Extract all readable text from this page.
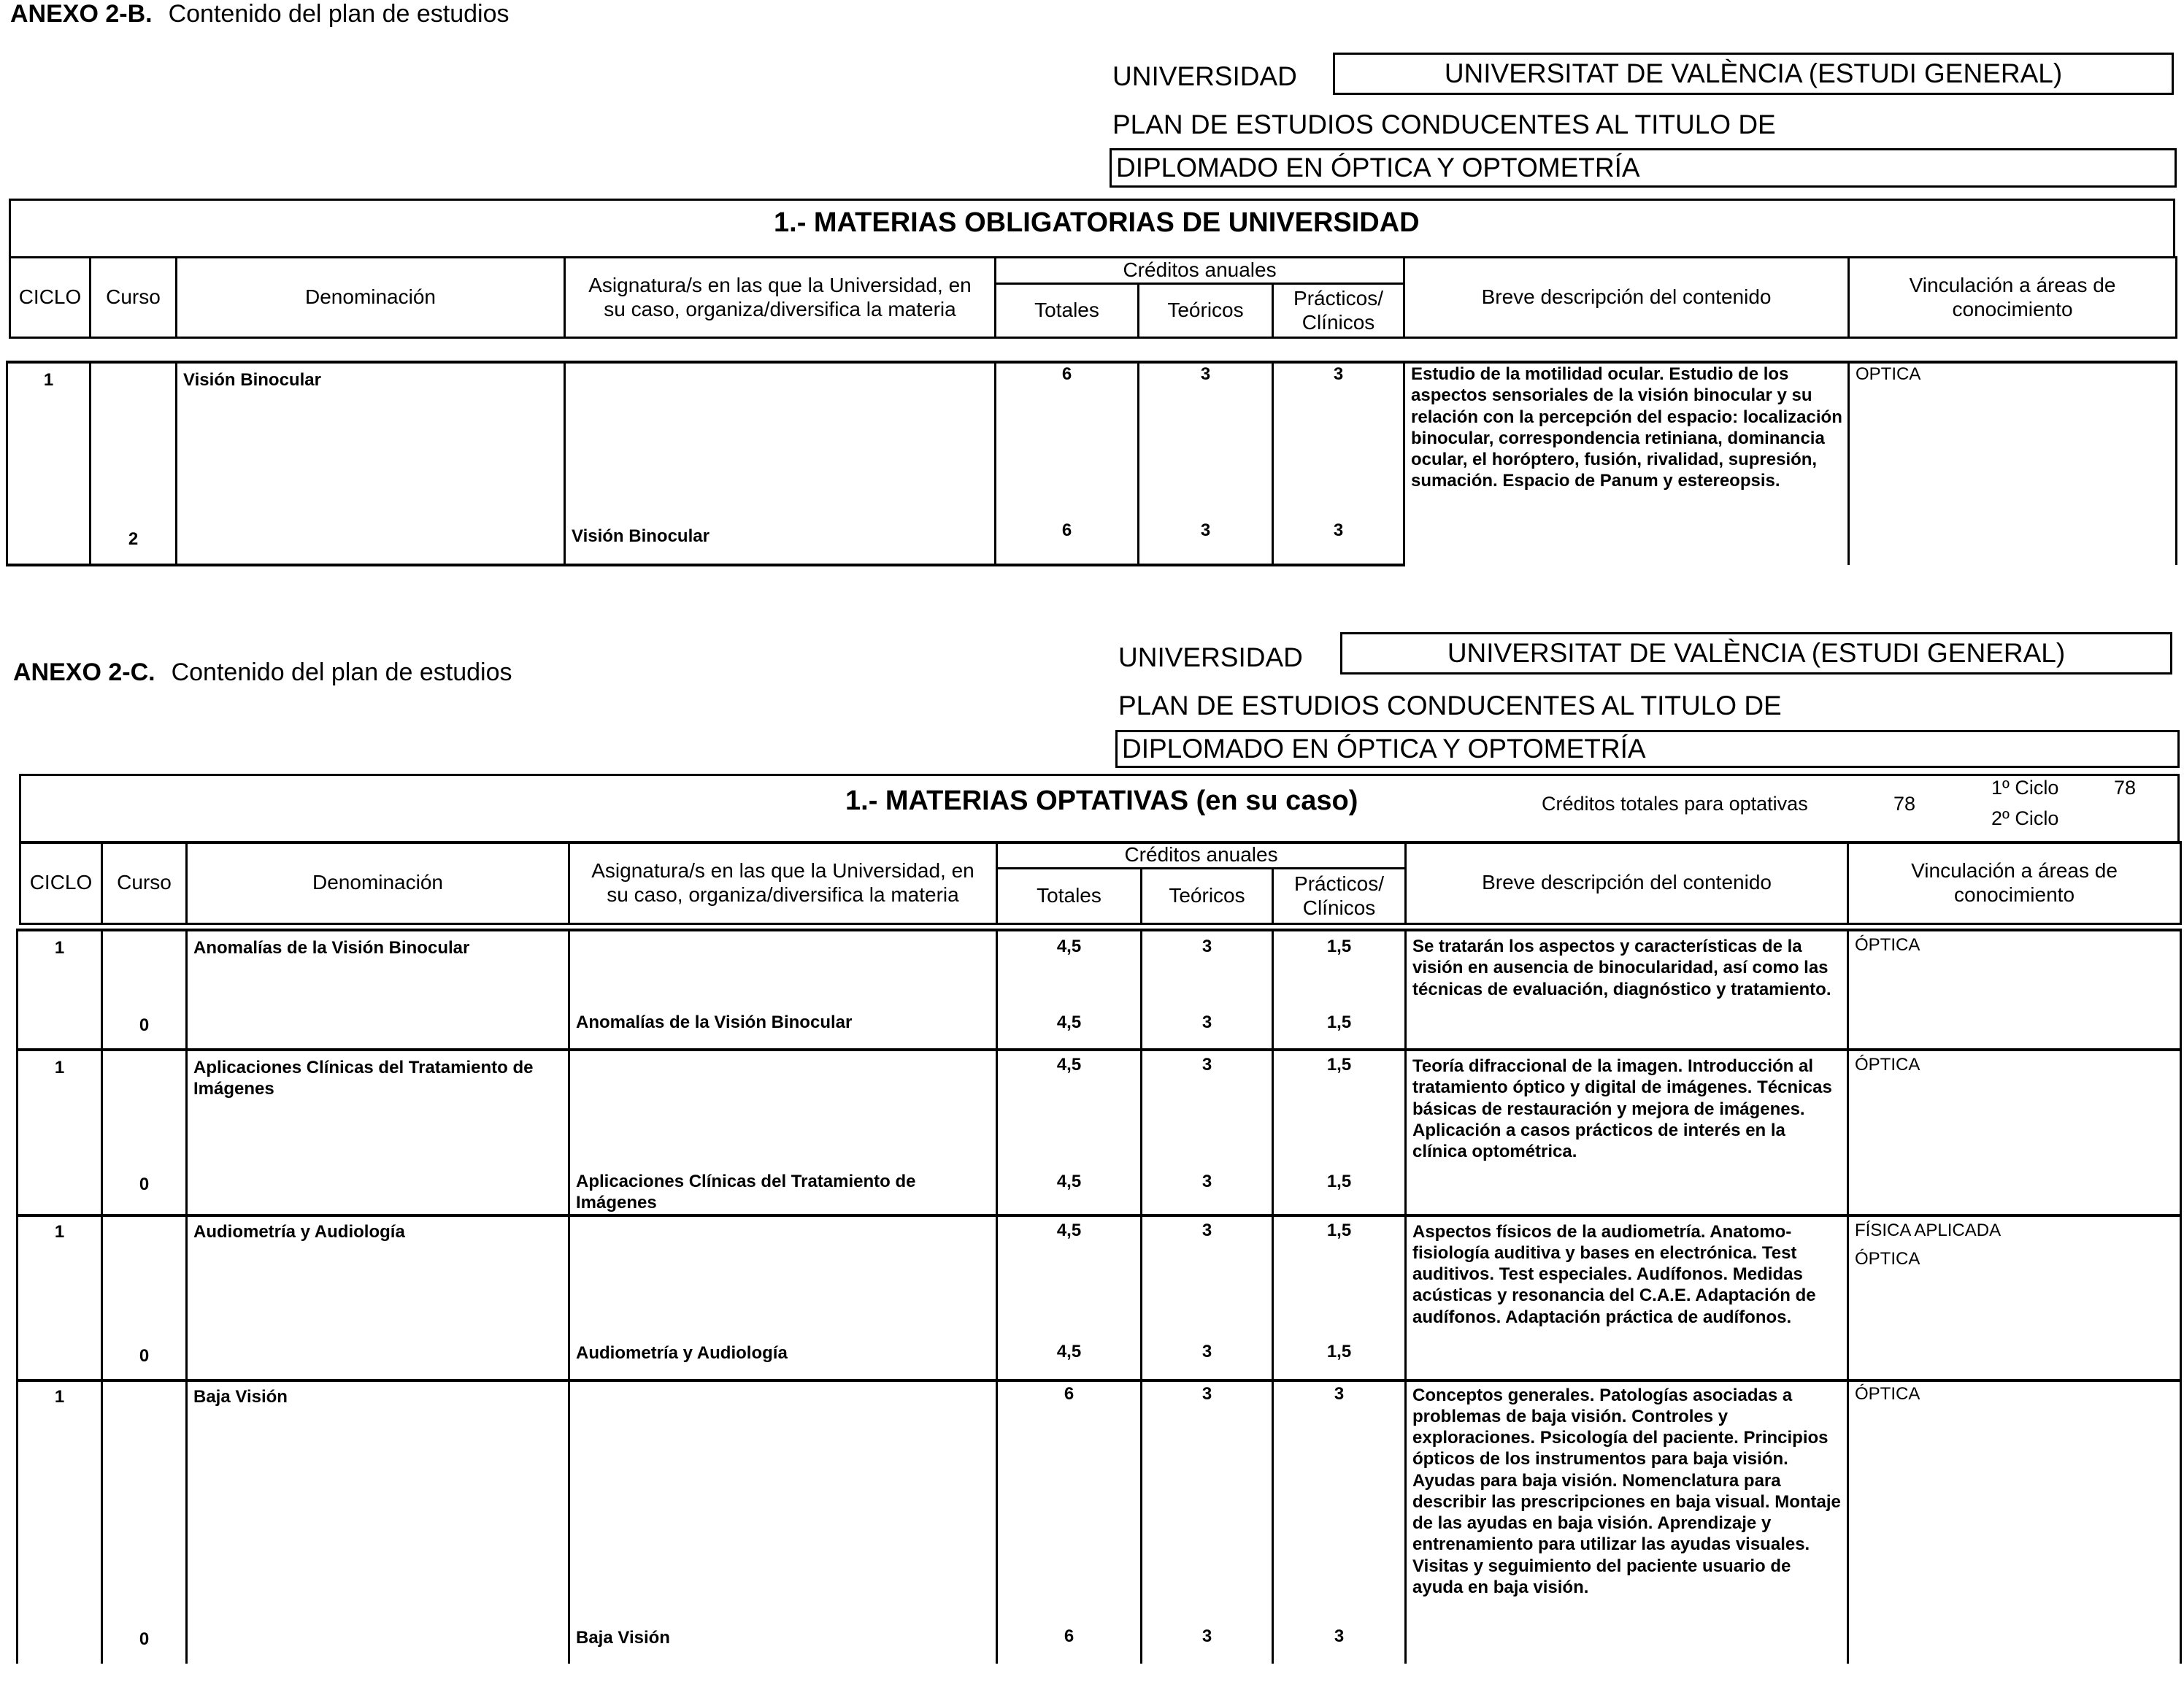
ANEXO 2-B. Contenido del plan de estudios
UNIVERSIDAD	UNIVERSITAT DE VALÈNCIA (ESTUDI GENERAL)
PLAN DE ESTUDIOS CONDUCENTES AL TITULO DE
DIPLOMADO EN ÓPTICA Y OPTOMETRÍA
1.- MATERIAS OBLIGATORIAS DE UNIVERSIDAD
CICLO	Curso	Denominación	Asignatura/s en las que la Universidad, en su caso, organiza/diversifica la materia	Créditos anuales			Breve descripción del contenido	Vinculación a áreas de conocimiento
				Totales	Teóricos	Prácticos/ Clínicos		
1		Visión Binocular		6	3	3	Estudio de la motilidad ocular. Estudio de los aspectos sensoriales de la visión binocular y su relación con la percepción del espacio: localización binocular, correspondencia retiniana, dominancia ocular, el horóptero, fusión, rivalidad, supresión, sumación. Espacio de Panum y estereopsis.	OPTICA
	2		Visión Binocular	6	3	3		
ANEXO 2-C. Contenido del plan de estudios	UNIVERSIDAD	UNIVERSITAT DE VALÈNCIA (ESTUDI GENERAL)
PLAN DE ESTUDIOS CONDUCENTES AL TITULO DE
DIPLOMADO EN ÓPTICA Y OPTOMETRÍA
1.- MATERIAS OPTATIVAS (en su caso)	Créditos totales para optativas	78
1º Ciclo	78
2º Ciclo
CICLO	Curso	Denominación	Asignatura/s en las que la Universidad, en su caso, organiza/diversifica la materia	Créditos anuales			Breve descripción del contenido	Vinculación a áreas de conocimiento
				Totales	Teóricos	Prácticos/ Clínicos		
1		Anomalías de la Visión Binocular		4,5	3	1,5	Se tratarán los aspectos y características de la visión en ausencia de binocularidad, así como las técnicas de evaluación, diagnóstico y tratamiento.	ÓPTICA
	0		Anomalías de la Visión Binocular	4,5	3	1,5		
1		Aplicaciones Clínicas del Tratamiento de Imágenes		4,5	3	1,5	Teoría difraccional de la imagen. Introducción al tratamiento óptico y digital de imágenes. Técnicas básicas de restauración y mejora de imágenes. Aplicación a casos prácticos de interés en la clínica optométrica.	ÓPTICA
	0		Aplicaciones Clínicas del Tratamiento de Imágenes	4,5	3	1,5		
1		Audiometría y Audiología		4,5	3	1,5	Aspectos físicos de la audiometría. Anatomo-fisiología auditiva y bases en electrónica. Test auditivos. Test especiales. Audífonos. Medidas acústicas y resonancia del C.A.E. Adaptación de audífonos. Adaptación práctica de audífonos.	FÍSICA APLICADA
ÓPTICA

	0		Audiometría y Audiología	4,5	3	1,5		
1		Baja Visión		6	3	3	Conceptos generales. Patologías asociadas a problemas de baja visión. Controles y exploraciones. Psicología del paciente. Principios ópticos de los instrumentos para baja visión. Ayudas para baja visión. Nomenclatura para describir las prescripciones en baja visual. Montaje de las ayudas en baja visión. Aprendizaje y entrenamiento para utilizar las ayudas visuales. Visitas y seguimiento del paciente usuario de ayuda en baja visión.	ÓPTICA
	0		Baja Visión	6	3	3		
